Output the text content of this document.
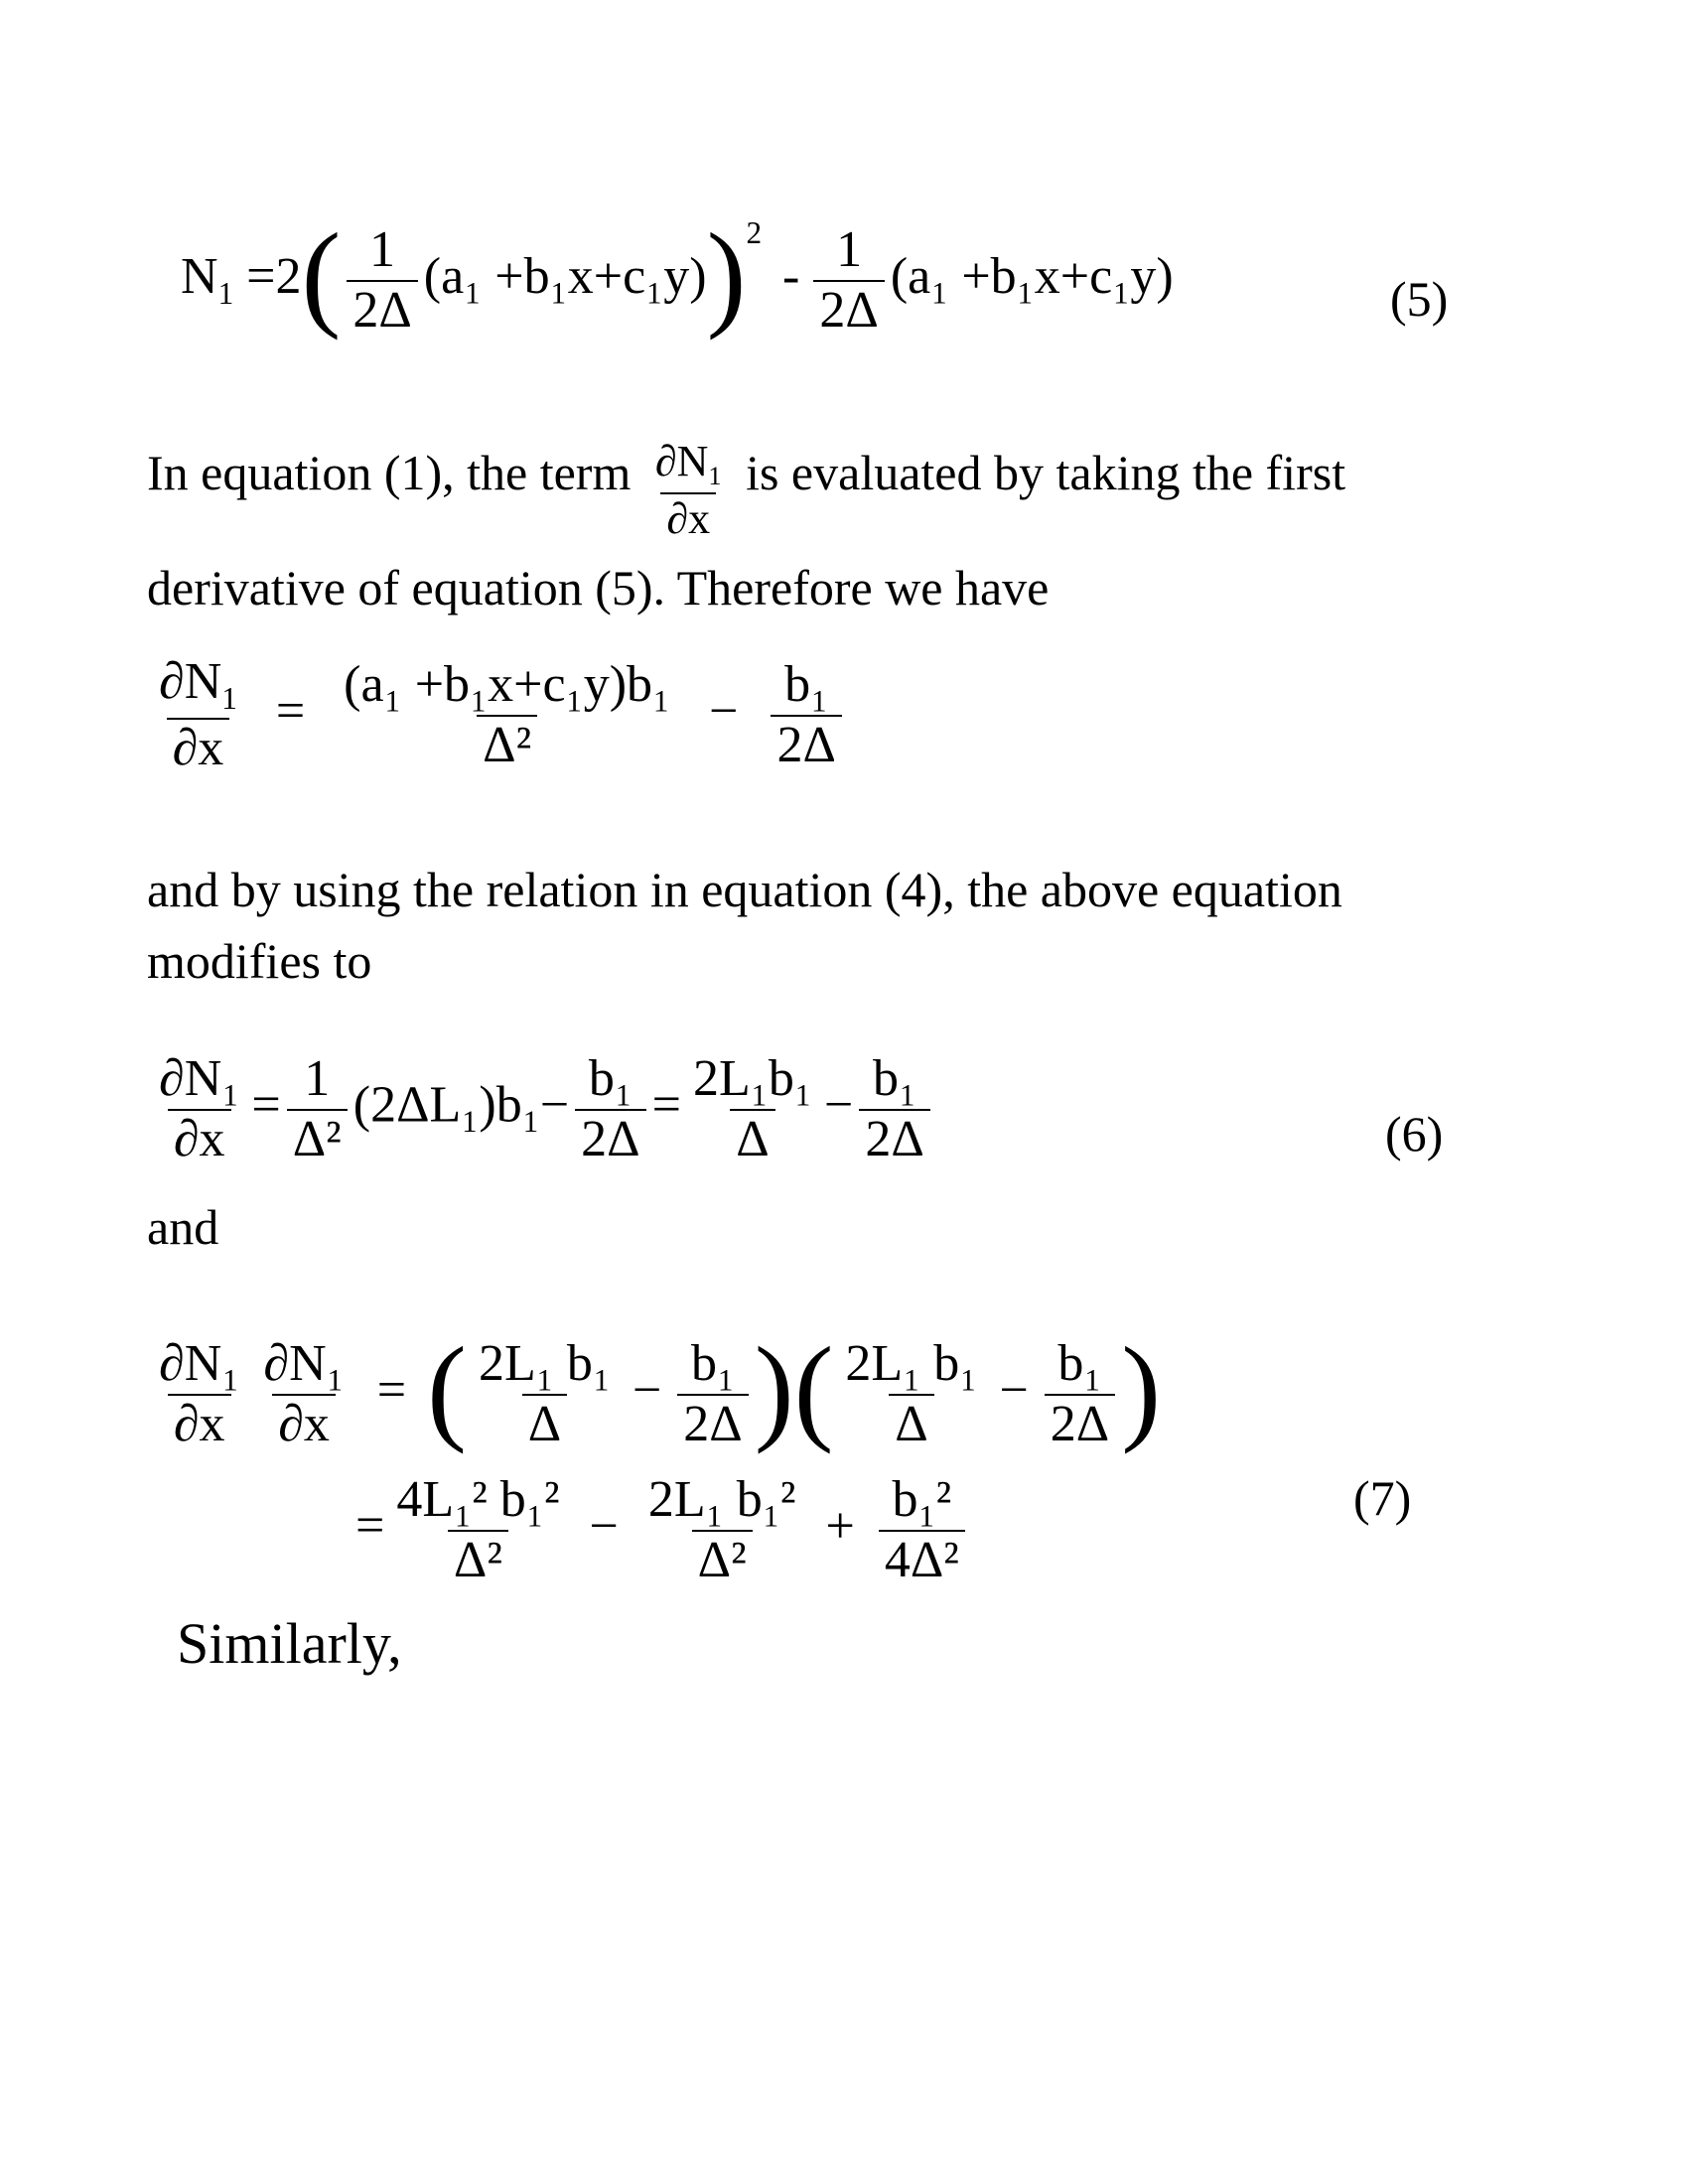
$N_1 =2( \frac{1}{2\Delta} (a_1 +b_1x+c_1y))^2 - \frac{1}{2\Delta} (a_1 +b_1x+c_1y)$	(5)
In equation (1), the term $\frac{\partial N_1}{\partial x}$ is evaluated by taking the first
derivative of equation (5). Therefore we have
$\frac{\partial N_1}{\partial x} = \frac{\text{(a₁ +b₁x+c₁y)b₁}}{\text{Δ²}} - \frac{\text{b₁}}{2\Delta}$
and by using the relation in equation (4), the above equation
modifies to
$\frac{\text{∂N₁}}{\partial x} = \frac{1}{\text{Δ²}} (2\Delta L_1)b_1- \frac{\text{b₁}}{2\Delta} = \frac{\text{2L₁b₁}}{\Delta} - \frac{\text{b₁}}{2\Delta}$	(6)
and
$\frac{\text{∂N₁}}{\partial x} \frac{\text{∂N₁}}{\partial x}$ = ( $\frac{\text{2L₁ b₁}}{\Delta} - \frac{\text{b₁}}{2\Delta}$ )( $\frac{\text{2L₁ b₁}}{\Delta} - \frac{\text{b₁}}{2\Delta}$ )
= $\frac{\text{4L₁² b₁²}}{\text{Δ²}} - \frac{\text{2L₁ b₁²}}{\text{Δ²}} + \frac{\text{b₁²}}{\text{4Δ²}}$	(7)
Similarly,
